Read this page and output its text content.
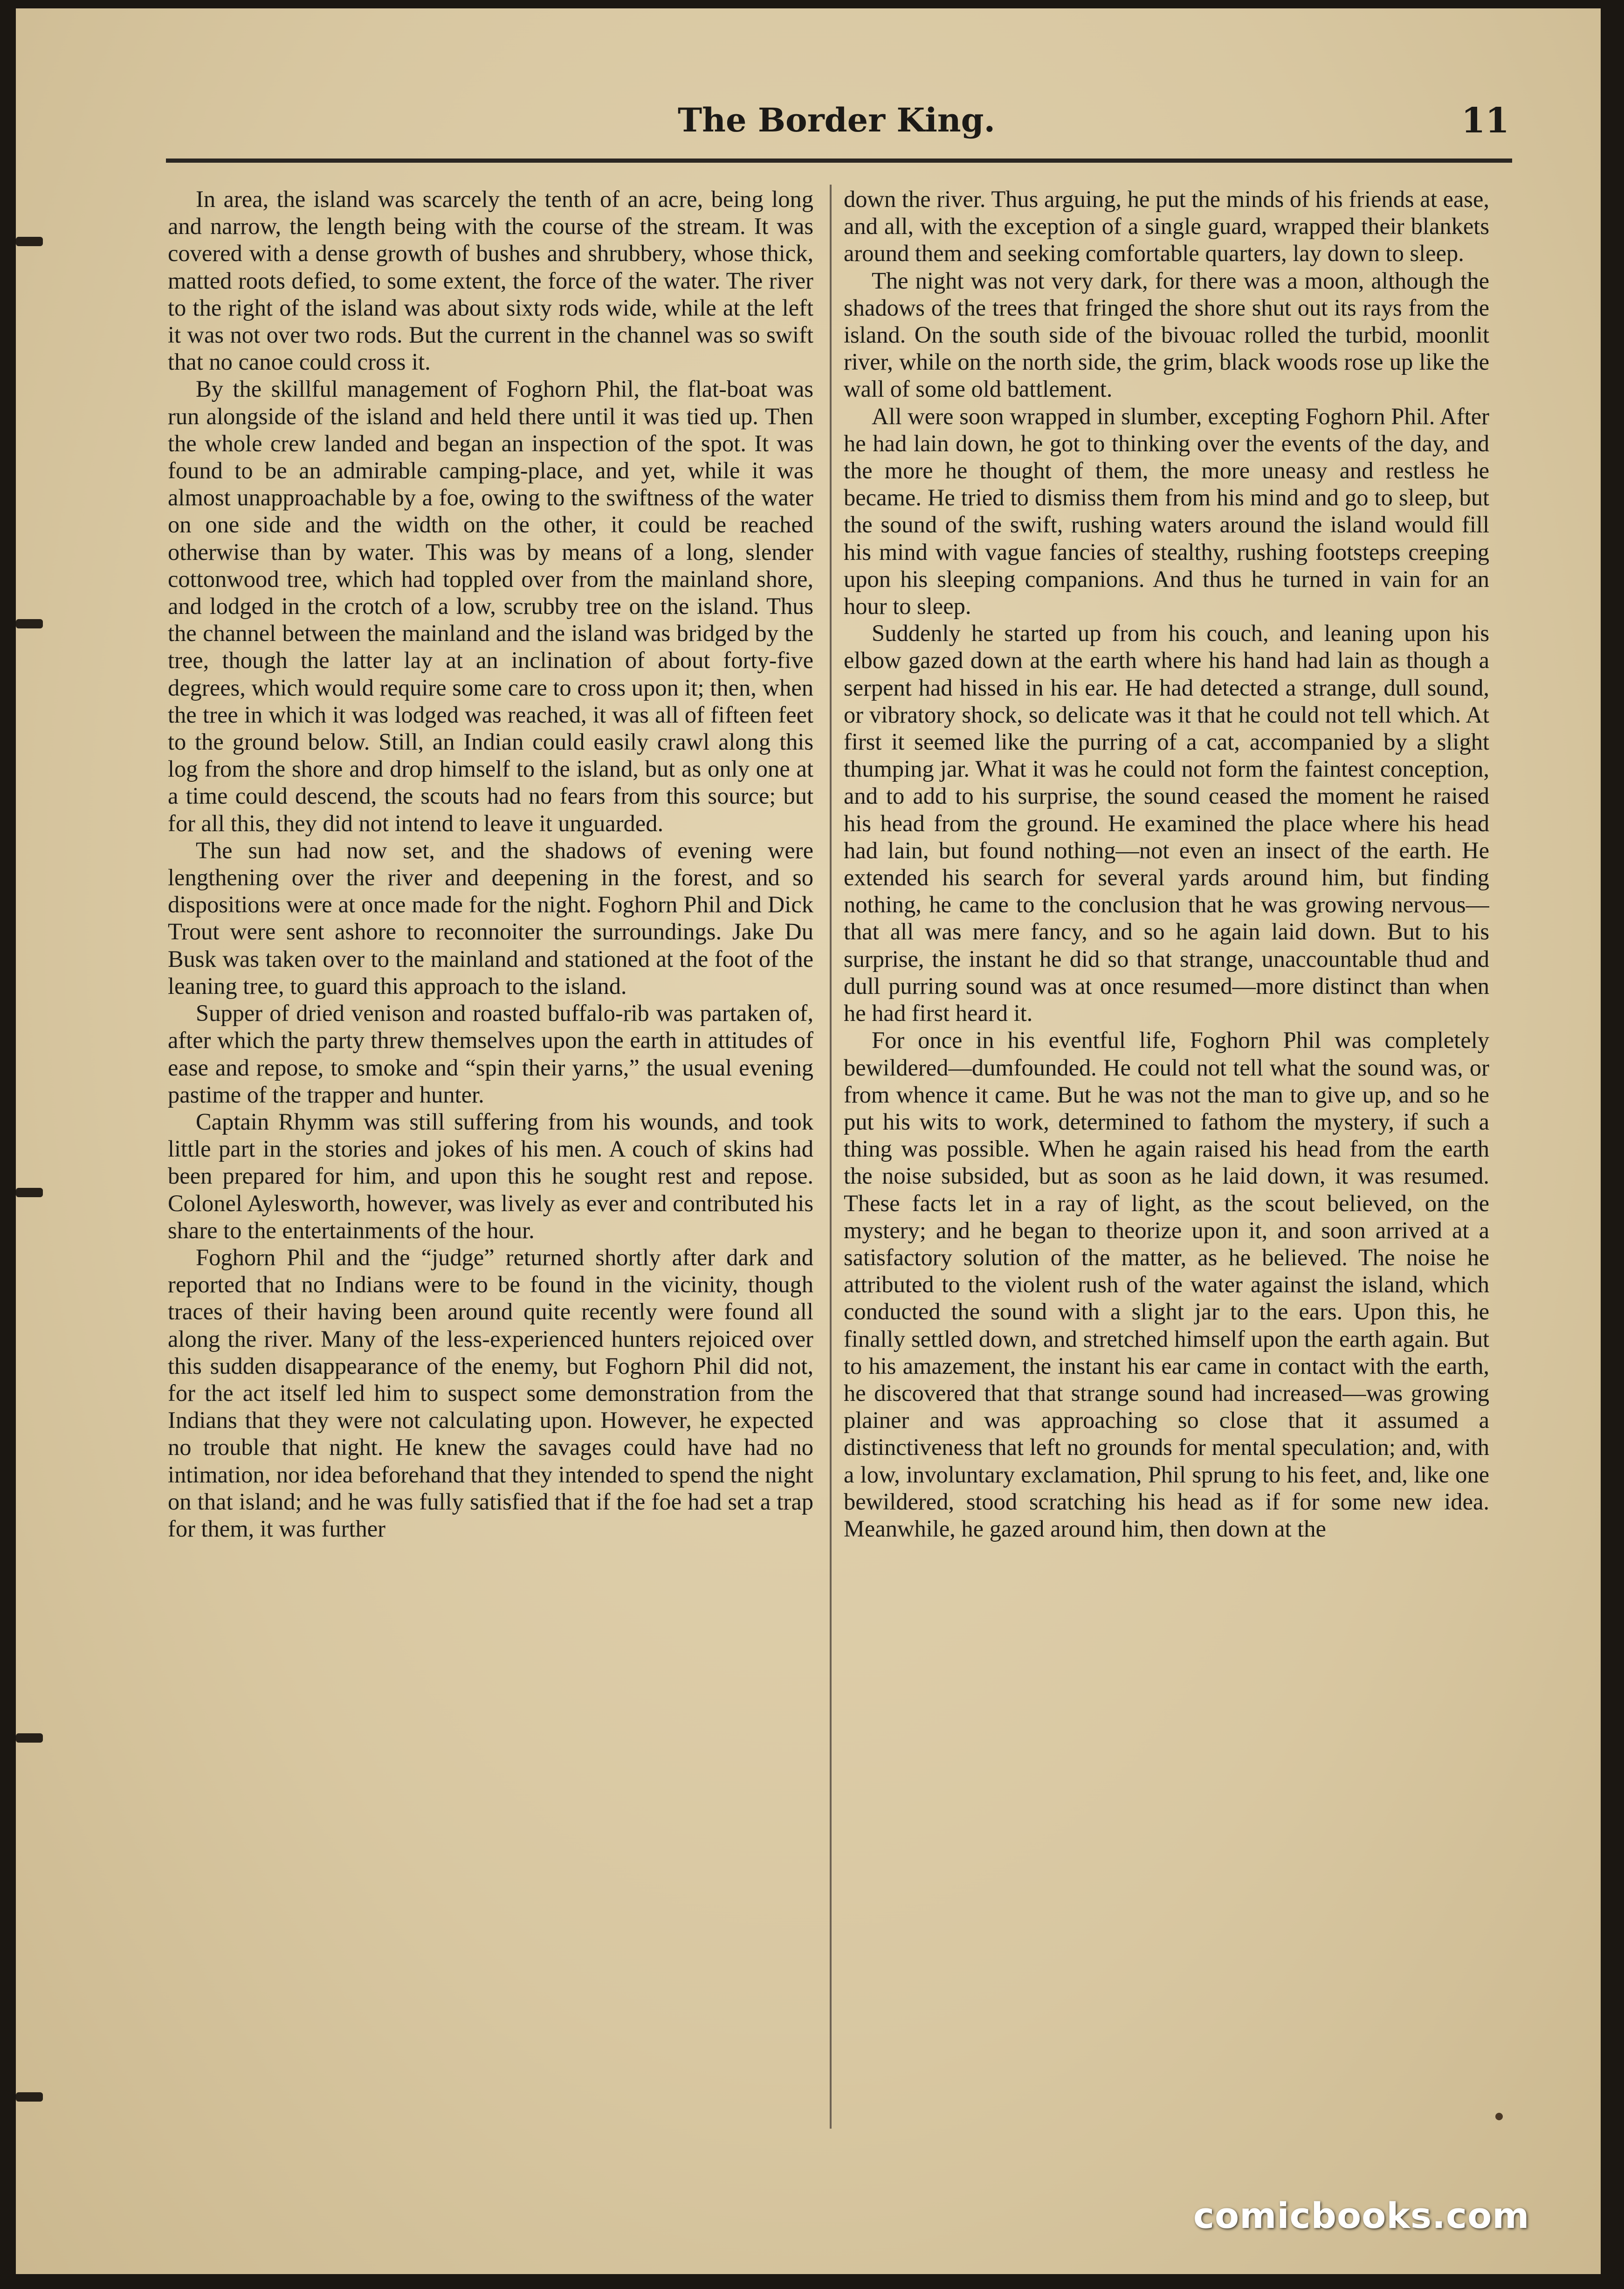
The Border King.	11

In area, the island was scarcely the tenth of an acre, being long and narrow, the length being with the course of the stream. It was covered with a dense growth of bushes and shrubbery, whose thick, matted roots defied, to some extent, the force of the water. The river to the right of the island was about sixty rods wide, while at the left it was not over two rods. But the current in the channel was so swift that no canoe could cross it.

By the skillful management of Foghorn Phil, the flat-boat was run alongside of the island and held there until it was tied up. Then the whole crew landed and began an inspection of the spot. It was found to be an admirable camping-place, and yet, while it was almost unapproachable by a foe, owing to the swiftness of the water on one side and the width on the other, it could be reached otherwise than by water. This was by means of a long, slender cottonwood tree, which had toppled over from the mainland shore, and lodged in the crotch of a low, scrubby tree on the island. Thus the channel between the mainland and the island was bridged by the tree, though the latter lay at an inclination of about forty-five degrees, which would require some care to cross upon it; then, when the tree in which it was lodged was reached, it was all of fifteen feet to the ground below. Still, an Indian could easily crawl along this log from the shore and drop himself to the island, but as only one at a time could descend, the scouts had no fears from this source; but for all this, they did not intend to leave it unguarded.

The sun had now set, and the shadows of evening were lengthening over the river and deepening in the forest, and so dispositions were at once made for the night. Foghorn Phil and Dick Trout were sent ashore to reconnoiter the surroundings. Jake Du Busk was taken over to the mainland and stationed at the foot of the leaning tree, to guard this approach to the island.

Supper of dried venison and roasted buffalo-rib was partaken of, after which the party threw themselves upon the earth in attitudes of ease and repose, to smoke and “spin their yarns,” the usual evening pastime of the trapper and hunter.

Captain Rhymm was still suffering from his wounds, and took little part in the stories and jokes of his men. A couch of skins had been prepared for him, and upon this he sought rest and repose. Colonel Aylesworth, however, was lively as ever and contributed his share to the entertainments of the hour.

Foghorn Phil and the “judge” returned shortly after dark and reported that no Indians were to be found in the vicinity, though traces of their having been around quite recently were found all along the river. Many of the less-experienced hunters rejoiced over this sudden disappearance of the enemy, but Foghorn Phil did not, for the act itself led him to suspect some demonstration from the Indians that they were not calculating upon. However, he expected no trouble that night. He knew the savages could have had no intimation, nor idea beforehand that they intended to spend the night on that island; and he was fully satisfied that if the foe had set a trap for them, it was further

down the river. Thus arguing, he put the minds of his friends at ease, and all, with the exception of a single guard, wrapped their blankets around them and seeking comfortable quarters, lay down to sleep.

The night was not very dark, for there was a moon, although the shadows of the trees that fringed the shore shut out its rays from the island. On the south side of the bivouac rolled the turbid, moonlit river, while on the north side, the grim, black woods rose up like the wall of some old battlement.

All were soon wrapped in slumber, excepting Foghorn Phil. After he had lain down, he got to thinking over the events of the day, and the more he thought of them, the more uneasy and restless he became. He tried to dismiss them from his mind and go to sleep, but the sound of the swift, rushing waters around the island would fill his mind with vague fancies of stealthy, rushing footsteps creeping upon his sleeping companions. And thus he turned in vain for an hour to sleep.

Suddenly he started up from his couch, and leaning upon his elbow gazed down at the earth where his hand had lain as though a serpent had hissed in his ear. He had detected a strange, dull sound, or vibratory shock, so delicate was it that he could not tell which. At first it seemed like the purring of a cat, accompanied by a slight thumping jar. What it was he could not form the faintest conception, and to add to his surprise, the sound ceased the moment he raised his head from the ground. He examined the place where his head had lain, but found nothing—not even an insect of the earth. He extended his search for several yards around him, but finding nothing, he came to the conclusion that he was growing nervous—that all was mere fancy, and so he again laid down. But to his surprise, the instant he did so that strange, unaccountable thud and dull purring sound was at once resumed—more distinct than when he had first heard it.

For once in his eventful life, Foghorn Phil was completely bewildered—dumfounded. He could not tell what the sound was, or from whence it came. But he was not the man to give up, and so he put his wits to work, determined to fathom the mystery, if such a thing was possible. When he again raised his head from the earth the noise subsided, but as soon as he laid down, it was resumed. These facts let in a ray of light, as the scout believed, on the mystery; and he began to theorize upon it, and soon arrived at a satisfactory solution of the matter, as he believed. The noise he attributed to the violent rush of the water against the island, which conducted the sound with a slight jar to the ears. Upon this, he finally settled down, and stretched himself upon the earth again. But to his amazement, the instant his ear came in contact with the earth, he discovered that that strange sound had increased—was growing plainer and was approaching so close that it assumed a distinctiveness that left no grounds for mental speculation; and, with a low, involuntary exclamation, Phil sprung to his feet, and, like one bewildered, stood scratching his head as if for some new idea. Meanwhile, he gazed around him, then down at the

comicbooks.com
